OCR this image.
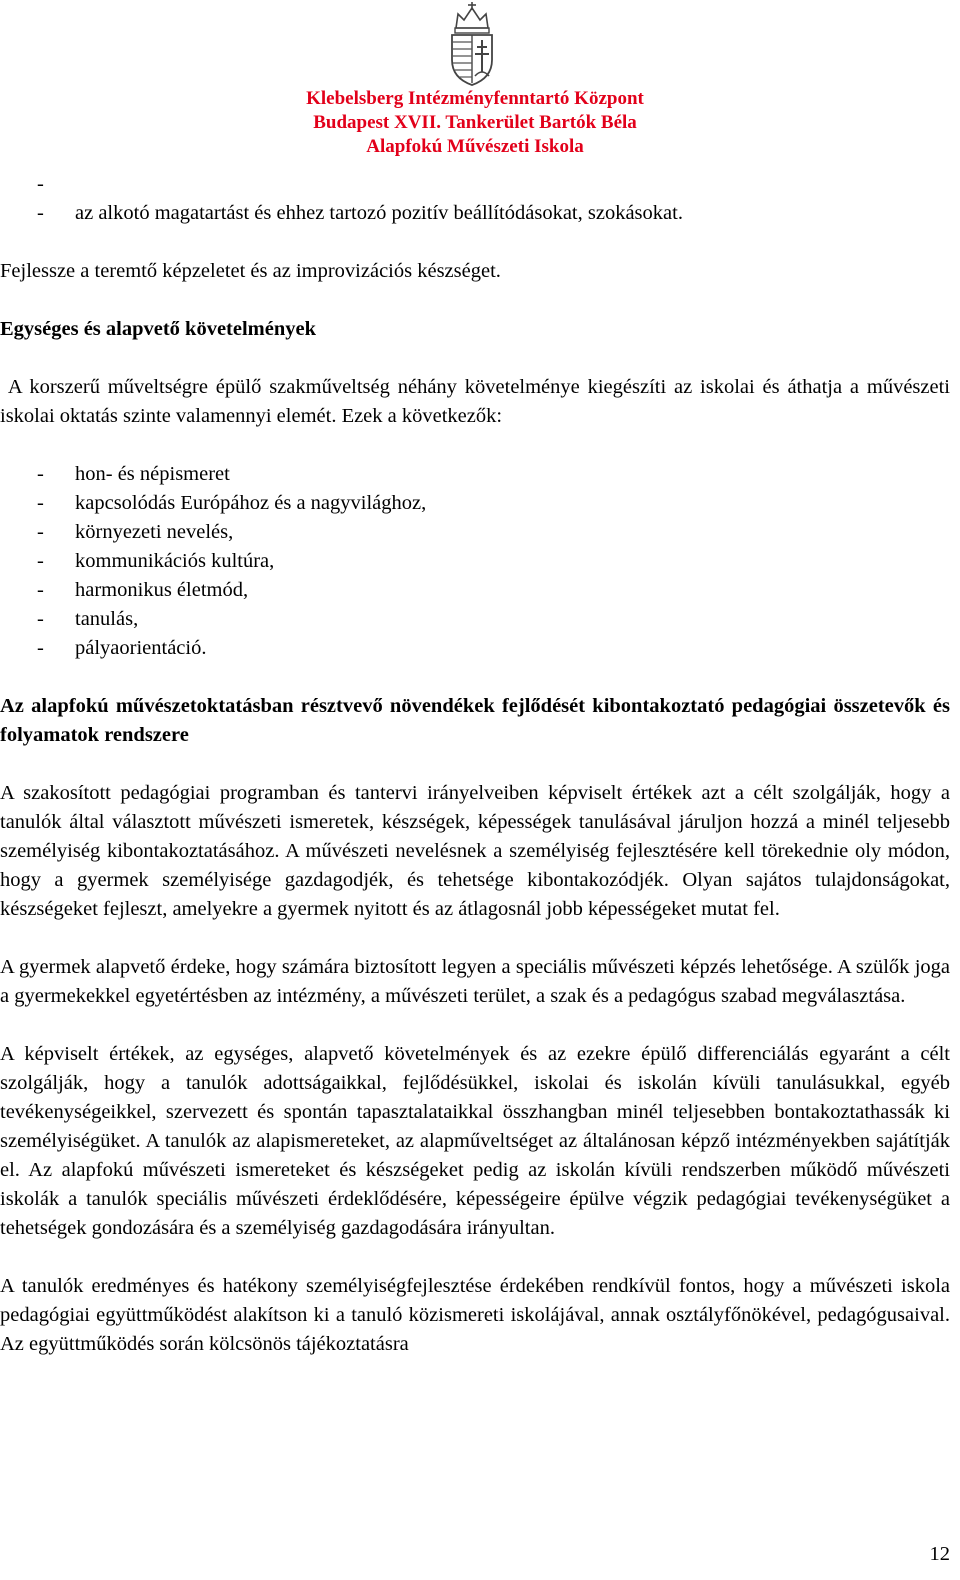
Klebelsberg Intézményfenntartó Központ
Budapest XVII. Tankerület Bartók Béla
Alapfokú Művészeti Iskola
-
- az alkotó magatartást és ehhez tartozó pozitív beállítódásokat, szokásokat.

Fejlessze a teremtő képzeletet és az improvizációs készséget.

Egységes és alapvető követelmények

A korszerű műveltségre épülő szakműveltség néhány követelménye kiegészíti az iskolai és áthatja a művészeti iskolai oktatás szinte valamennyi elemét. Ezek a következők:

- hon- és népismeret
- kapcsolódás Európához és a nagyvilághoz,
- környezeti nevelés,
- kommunikációs kultúra,
- harmonikus életmód,
- tanulás,
- pályaorientáció.

Az alapfokú művészetoktatásban résztvevő növendékek fejlődését kibontakoztató pedagógiai összetevők és folyamatok rendszere

A szakosított pedagógiai programban és tantervi irányelveiben képviselt értékek azt a célt szolgálják, hogy a tanulók által választott művészeti ismeretek, készségek, képességek tanulásával járuljon hozzá a minél teljesebb személyiség kibontakoztatásához. A művészeti nevelésnek a személyiség fejlesztésére kell törekednie oly módon, hogy a gyermek személyisége gazdagodjék, és tehetsége kibontakozódjék. Olyan sajátos tulajdonságokat, készségeket fejleszt, amelyekre a gyermek nyitott és az átlagosnál jobb képességeket mutat fel.

A gyermek alapvető érdeke, hogy számára biztosított legyen a speciális művészeti képzés lehetősége. A szülők joga a gyermekekkel egyetértésben az intézmény, a művészeti terület, a szak és a pedagógus szabad megválasztása.

A képviselt értékek, az egységes, alapvető követelmények és az ezekre épülő differenciálás egyaránt a célt szolgálják, hogy a tanulók adottságaikkal, fejlődésükkel, iskolai és iskolán kívüli tanulásukkal, egyéb tevékenységeikkel, szervezett és spontán tapasztalataikkal összhangban minél teljesebben bontakoztathassák ki személyiségüket. A tanulók az alapismereteket, az alapműveltséget az általánosan képző intézményekben sajátítják el. Az alapfokú művészeti ismereteket és készségeket pedig az iskolán kívüli rendszerben működő művészeti iskolák a tanulók speciális művészeti érdeklődésére, képességeire épülve végzik pedagógiai tevékenységüket a tehetségek gondozására és a személyiség gazdagodására irányultan.

A tanulók eredményes és hatékony személyiségfejlesztése érdekében rendkívül fontos, hogy a művészeti iskola pedagógiai együttműködést alakítson ki a tanuló közismereti iskolájával, annak osztályfőnökével, pedagógusaival. Az együttműködés során kölcsönös tájékoztatásra

12
